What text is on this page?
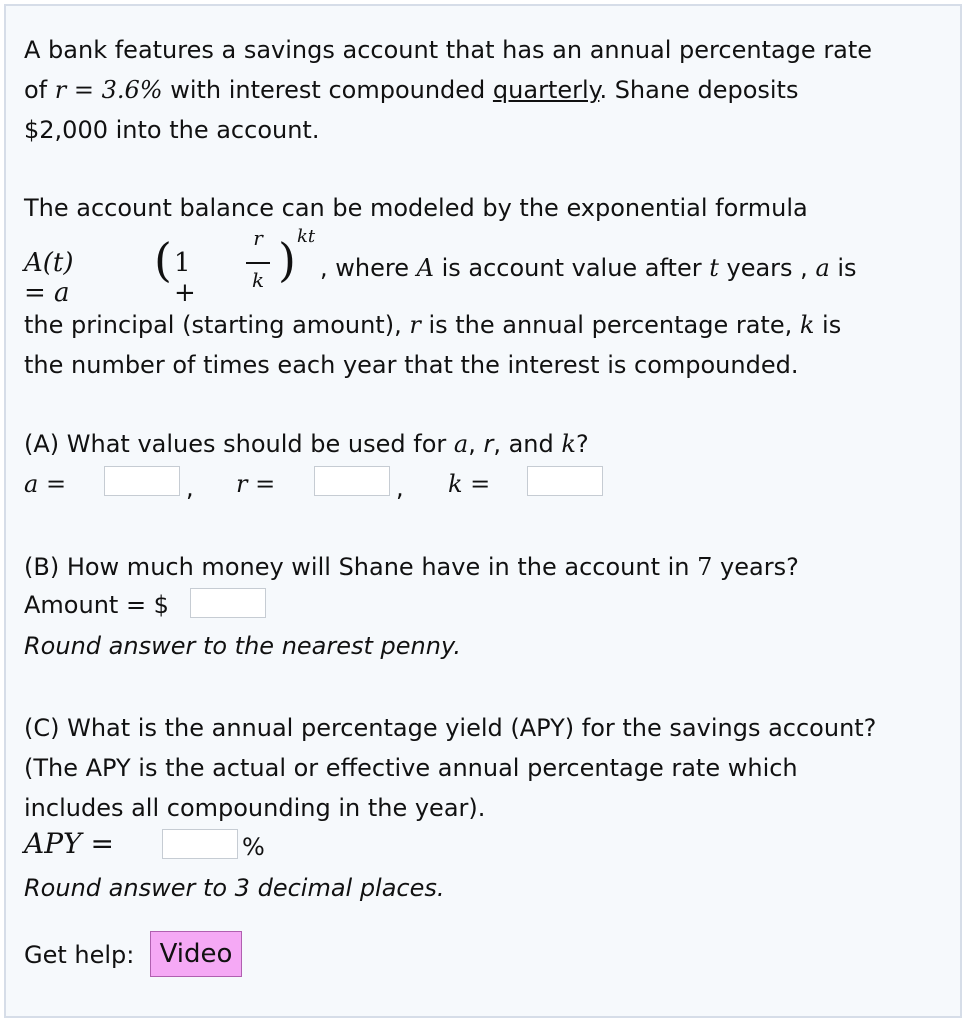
A bank features a savings account that has an annual percentage rate
of r = 3.6% with interest compounded quarterly. Shane deposits
$2,000 into the account.
The account balance can be modeled by the exponential formula
A(t) = a
( 1 +
r
k ) kt
, where A is account value after t years , a is
the principal (starting amount), r is the annual percentage rate, k is
the number of times each year that the interest is compounded.
(A) What values should be used for a, r, and k?
a =	, r =	, k =
(B) How much money will Shane have in the account in 7 years?
Amount = $
Round answer to the nearest penny.
(C) What is the annual percentage yield (APY) for the savings account?
(The APY is the actual or effective annual percentage rate which
includes all compounding in the year).
APY =	%
Round answer to 3 decimal places.
Get help: Video
